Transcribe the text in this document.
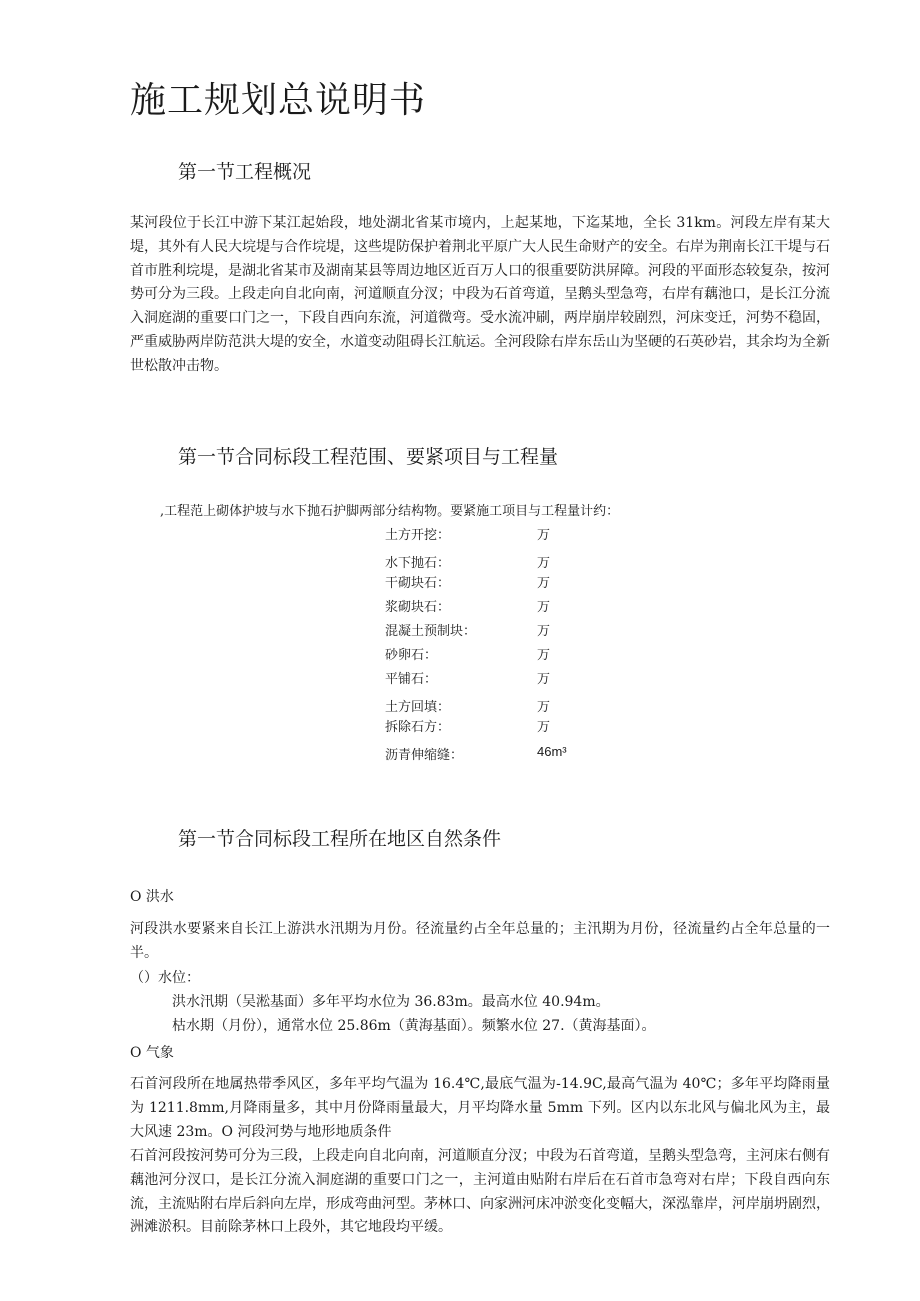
施工规划总说明书
第一节工程概况

某河段位于长江中游下某江起始段，地处湖北省某市境内，上起某地，下迄某地，全长 31km。河段左岸有某大堤，其外有人民大垸堤与合作垸堤，这些堤防保护着荆北平原广大人民生命财产的安全。右岸为荆南长江干堤与石首市胜利垸堤，是湖北省某市及湖南某县等周边地区近百万人口的很重要防洪屏障。河段的平面形态较复杂，按河势可分为三段。上段走向自北向南，河道顺直分汊；中段为石首弯道，呈鹅头型急弯，右岸有藕池口，是长江分流入洞庭湖的重要口门之一，下段自西向东流，河道微弯。受水流冲刷，两岸崩岸较剧烈，河床变迁，河势不稳固，严重威胁两岸防范洪大堤的安全，水道变动阻碍长江航运。全河段除右岸东岳山为坚硬的石英砂岩，其余均为全新世松散冲击物。

第一节合同标段工程范围、要紧项目与工程量

,工程范上砌体护坡与水下抛石护脚两部分结构物。要紧施工项目与工程量计约：

土方开挖：	万
水下抛石：	万
干砌块石：	万
浆砌块石：	万
混凝土预制块：	万
砂卵石：	万
平铺石：	万
土方回填：	万
拆除石方：	万
沥青伸缩缝：	46m³
第一节合同标段工程所在地区自然条件

O 洪水

河段洪水要紧来自长江上游洪水汛期为月份。径流量约占全年总量的；主汛期为月份，径流量约占全年总量的一半。

（）水位：

洪水汛期（吴淞基面）多年平均水位为 36.83m。最高水位 40.94m。

枯水期（月份），通常水位 25.86m（黄海基面）。频繁水位 27.（黄海基面）。

O 气象

石首河段所在地属热带季风区，多年平均气温为 16.4℃,最底气温为-14.9C,最高气温为 40℃；多年平均降雨量为 1211.8mm,月降雨量多，其中月份降雨量最大，月平均降水量 5mm 下列。区内以东北风与偏北风为主，最大风速 23m。O 河段河势与地形地质条件

石首河段按河势可分为三段，上段走向自北向南，河道顺直分汊；中段为石首弯道，呈鹅头型急弯，主河床右侧有藕池河分汊口，是长江分流入洞庭湖的重要口门之一，主河道由贴附右岸后在石首市急弯对右岸；下段自西向东流，主流贴附右岸后斜向左岸，形成弯曲河型。茅林口、向家洲河床冲淤变化变幅大，深泓靠岸，河岸崩坍剧烈，洲滩淤积。目前除茅林口上段外，其它地段均平缓。
